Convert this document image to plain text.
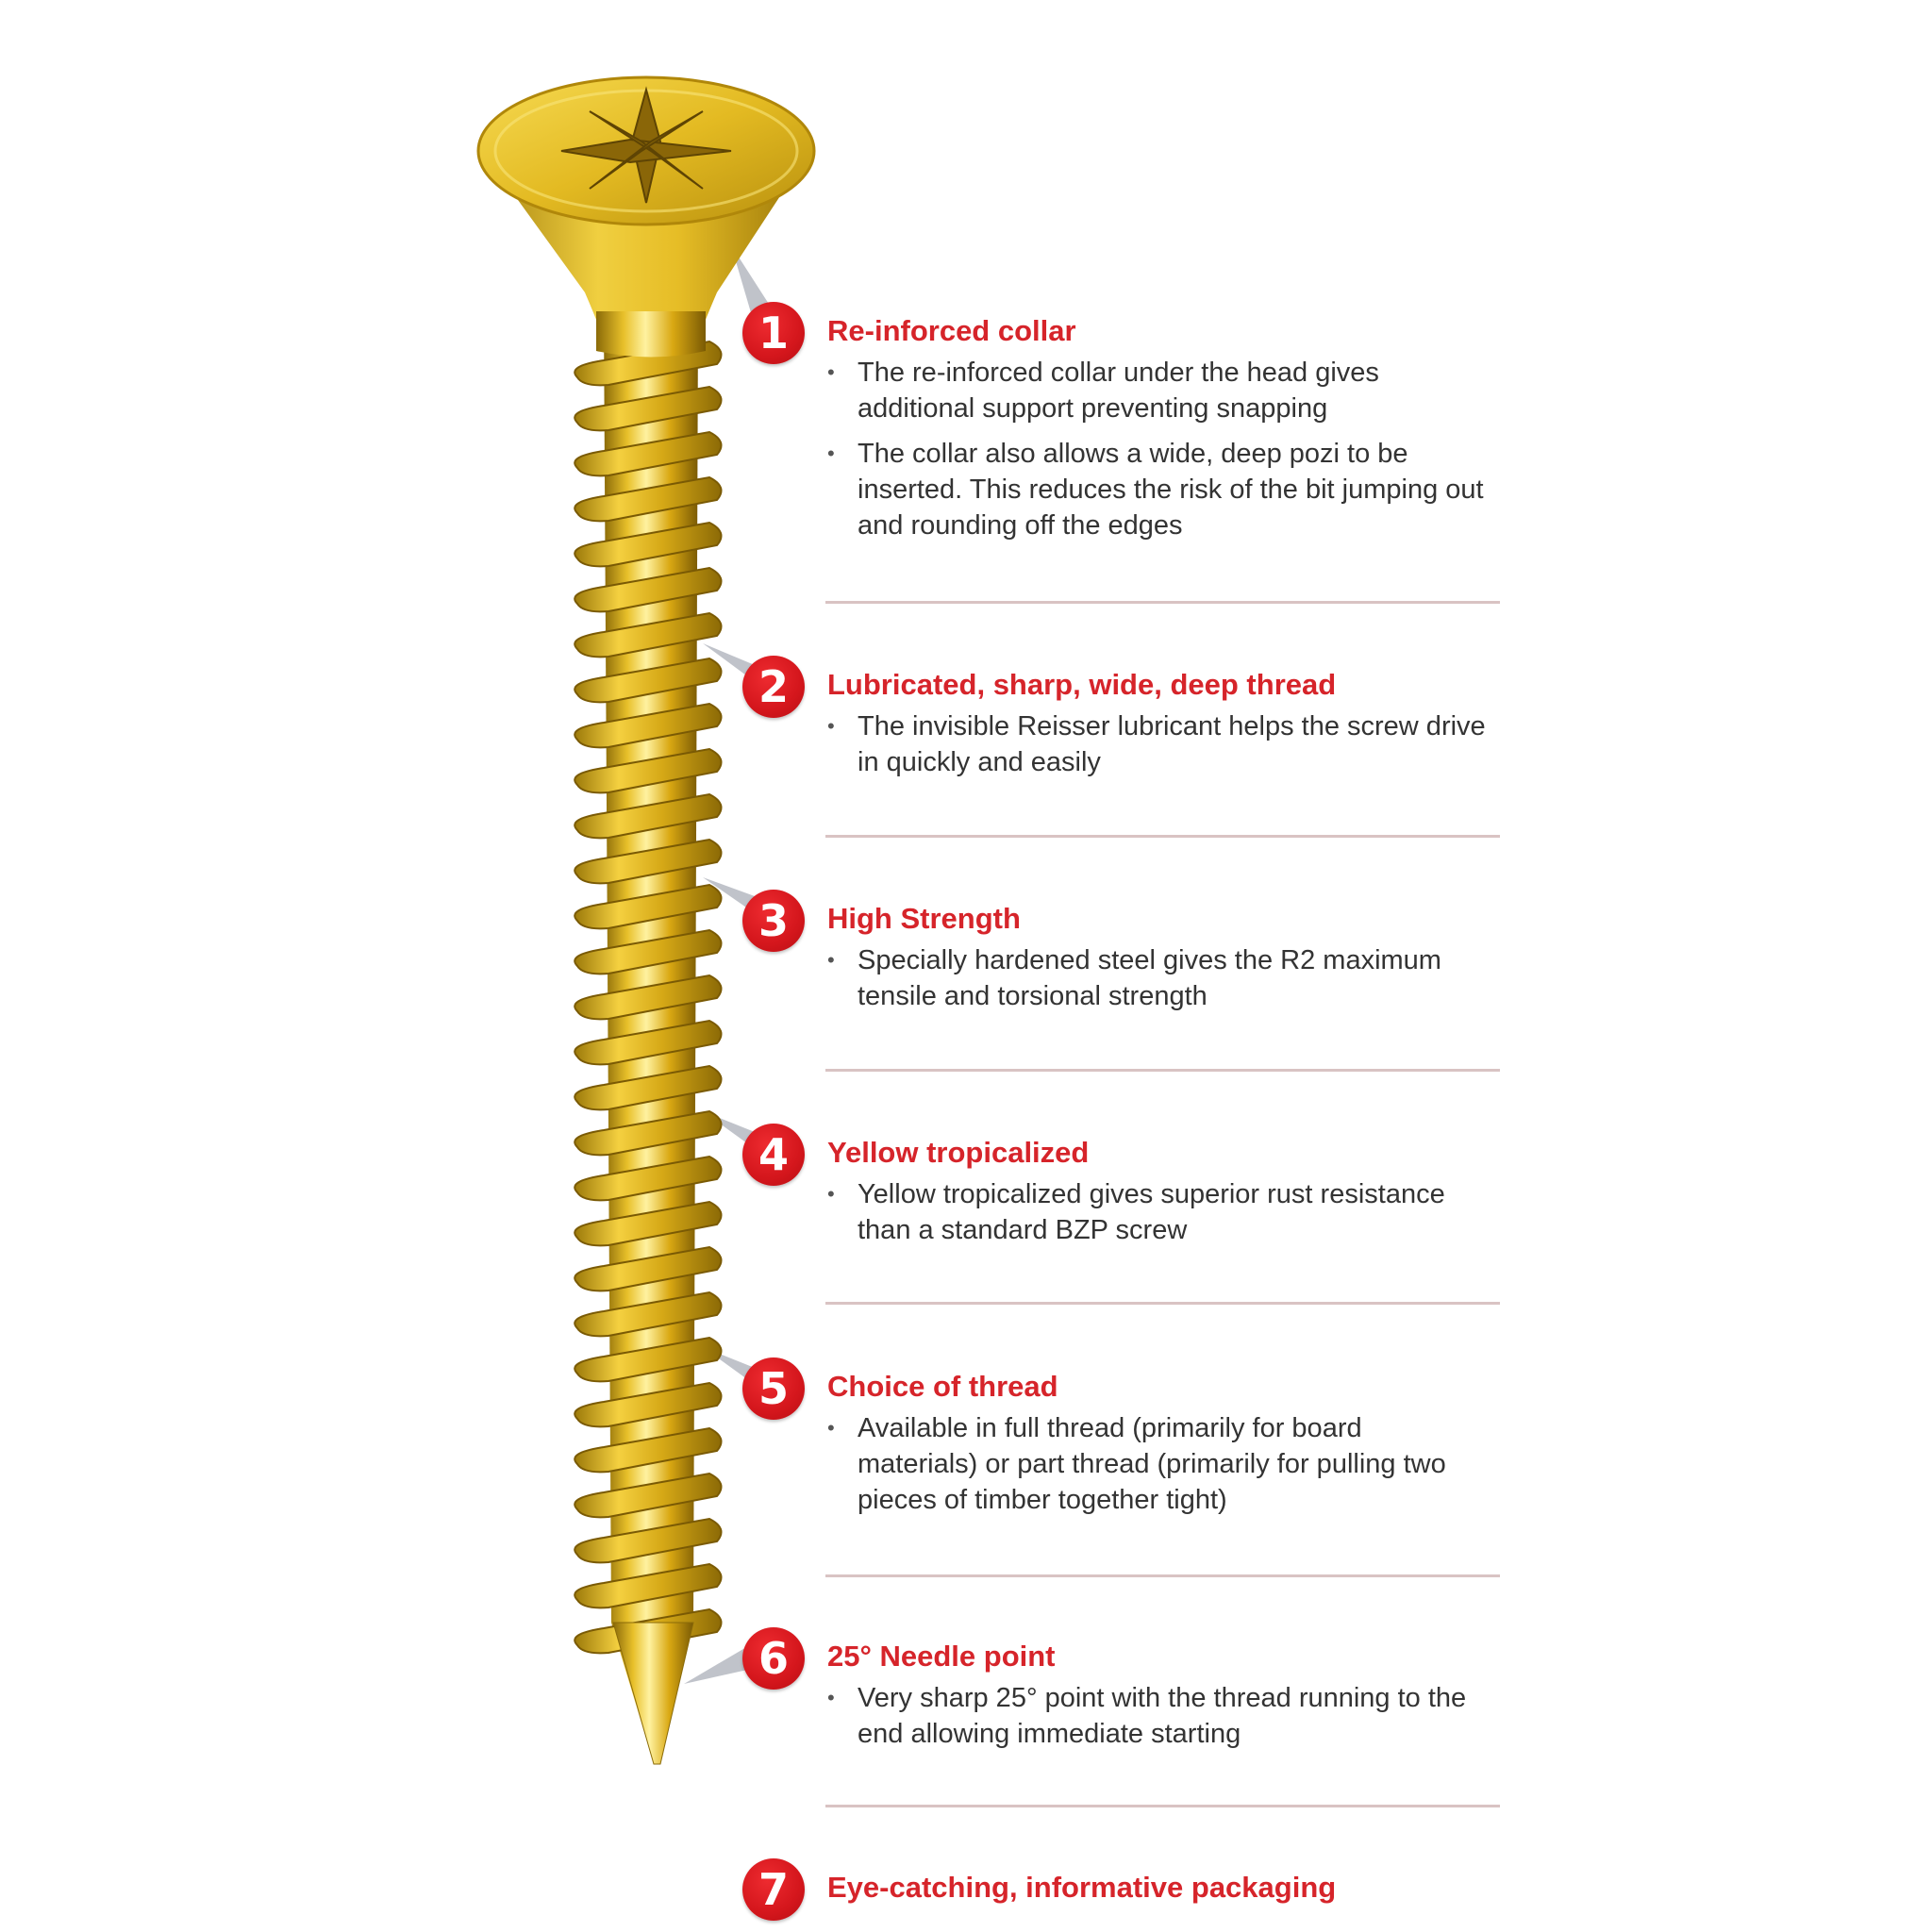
1	Re-inforced collar
• The re-inforced collar under the head gives additional support preventing snapping
• The collar also allows a wide, deep pozi to be inserted. This reduces the risk of the bit jumping out and rounding off the edges
2	Lubricated, sharp, wide, deep thread
• The invisible Reisser lubricant helps the screw drive in quickly and easily
3	High Strength
• Specially hardened steel gives the R2 maximum tensile and torsional strength
4	Yellow tropicalized
• Yellow tropicalized gives superior rust resistance than a standard BZP screw
5	Choice of thread
• Available in full thread (primarily for board materials) or part thread (primarily for pulling two pieces of timber together tight)
6	25° Needle point
• Very sharp 25° point with the thread running to the end allowing immediate starting
7	Eye-catching, informative packaging
